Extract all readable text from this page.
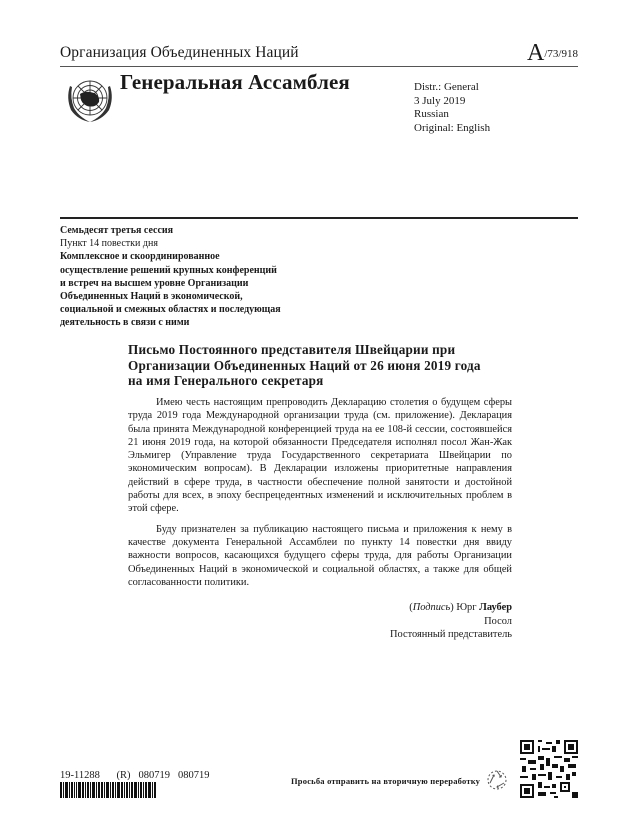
Организация Объединенных Наций	A/73/918
Генеральная Ассамблея	Distr.: General
3 July 2019
Russian
Original: English
Семьдесят третья сессия
Пункт 14 повестки дня
Комплексное и скоординированное
осуществление решений крупных конференций
и встреч на высшем уровне Организации
Объединенных Наций в экономической,
социальной и смежных областях и последующая
деятельность в связи с ними
Письмо Постоянного представителя Швейцарии при
Организации Объединенных Наций от 26 июня 2019 года
на имя Генерального секретаря

Имею честь настоящим препроводить Декларацию столетия о будущем сферы труда 2019 года Международной организации труда (см. приложение). Декларация была принята Международной конференцией труда на ее 108-й сессии, состоявшейся 21 июня 2019 года, на которой обязанности Председателя исполнял посол Жан-Жак Эльмигер (Управление труда Государственного секретариата Швейцарии по экономическим вопросам). В Декларации изложены приоритетные направления действий в сфере труда, в частности обеспечение полной занятости и достойной работы для всех, в эпоху беспрецедентных изменений и исключительных проблем в этой сфере.

Буду признателен за публикацию настоящего письма и приложения к нему в качестве документа Генеральной Ассамблеи по пункту 14 повестки дня ввиду важности вопросов, касающихся будущего сферы труда, для работы Организации Объединенных Наций в экономической и социальной областях, а также для общей согласованности политики.

(Подпись) Юрг Лаубер
Посол
Постоянный представитель
19-11288 (R) 080719 080719	Просьба отправить на вторичную переработку
